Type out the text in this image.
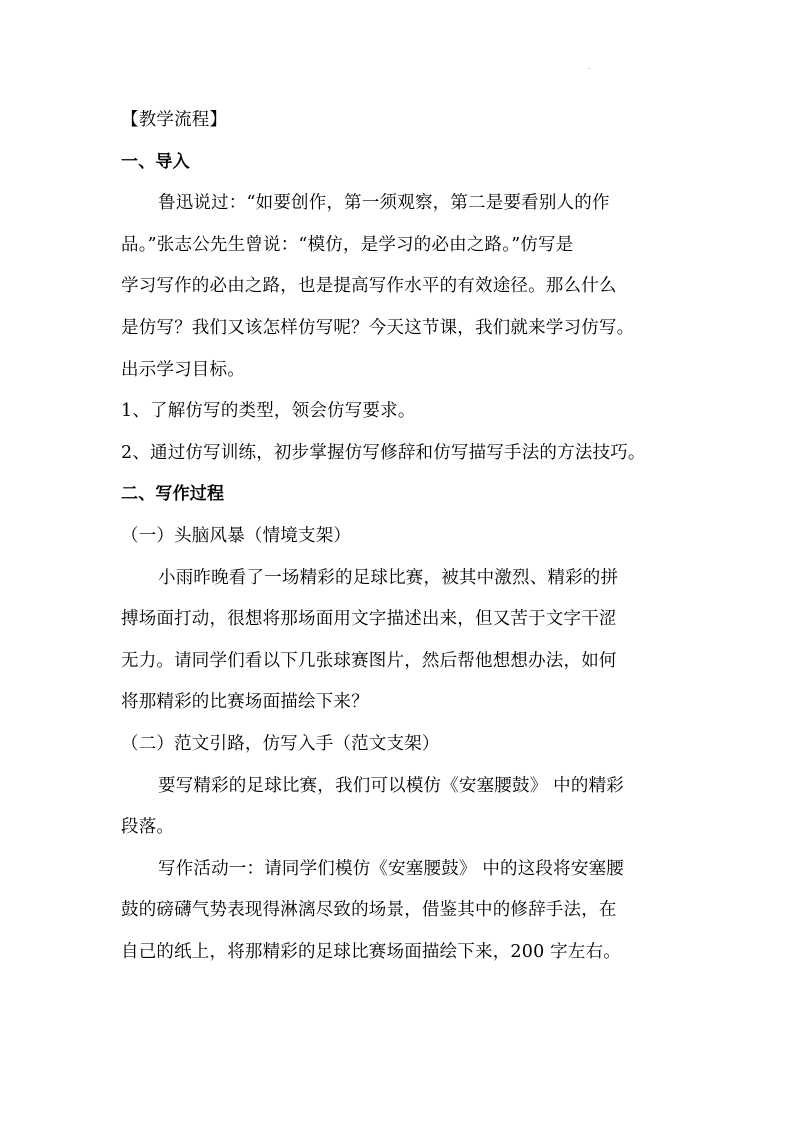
.
【教学流程】
一、导入
鲁迅说过：“如要创作，第一须观察，第二是要看别人的作
品。”张志公先生曾说：“模仿，是学习的必由之路。”仿写是
学习写作的必由之路，也是提高写作水平的有效途径。那么什么
是仿写？我们又该怎样仿写呢？今天这节课，我们就来学习仿写。
出示学习目标。
1、了解仿写的类型，领会仿写要求。
2、通过仿写训练，初步掌握仿写修辞和仿写描写手法的方法技巧。
二、写作过程
（一）头脑风暴（情境支架）
小雨昨晚看了一场精彩的足球比赛，被其中激烈、精彩的拼
搏场面打动，很想将那场面用文字描述出来，但又苦于文字干涩
无力。请同学们看以下几张球赛图片，然后帮他想想办法，如何
将那精彩的比赛场面描绘下来？
（二）范文引路，仿写入手（范文支架）
要写精彩的足球比赛，我们可以模仿《安塞腰鼓》 中的精彩
段落。
写作活动一：请同学们模仿《安塞腰鼓》 中的这段将安塞腰
鼓的磅礴气势表现得淋漓尽致的场景，借鉴其中的修辞手法，在
自己的纸上，将那精彩的足球比赛场面描绘下来，200 字左右。
